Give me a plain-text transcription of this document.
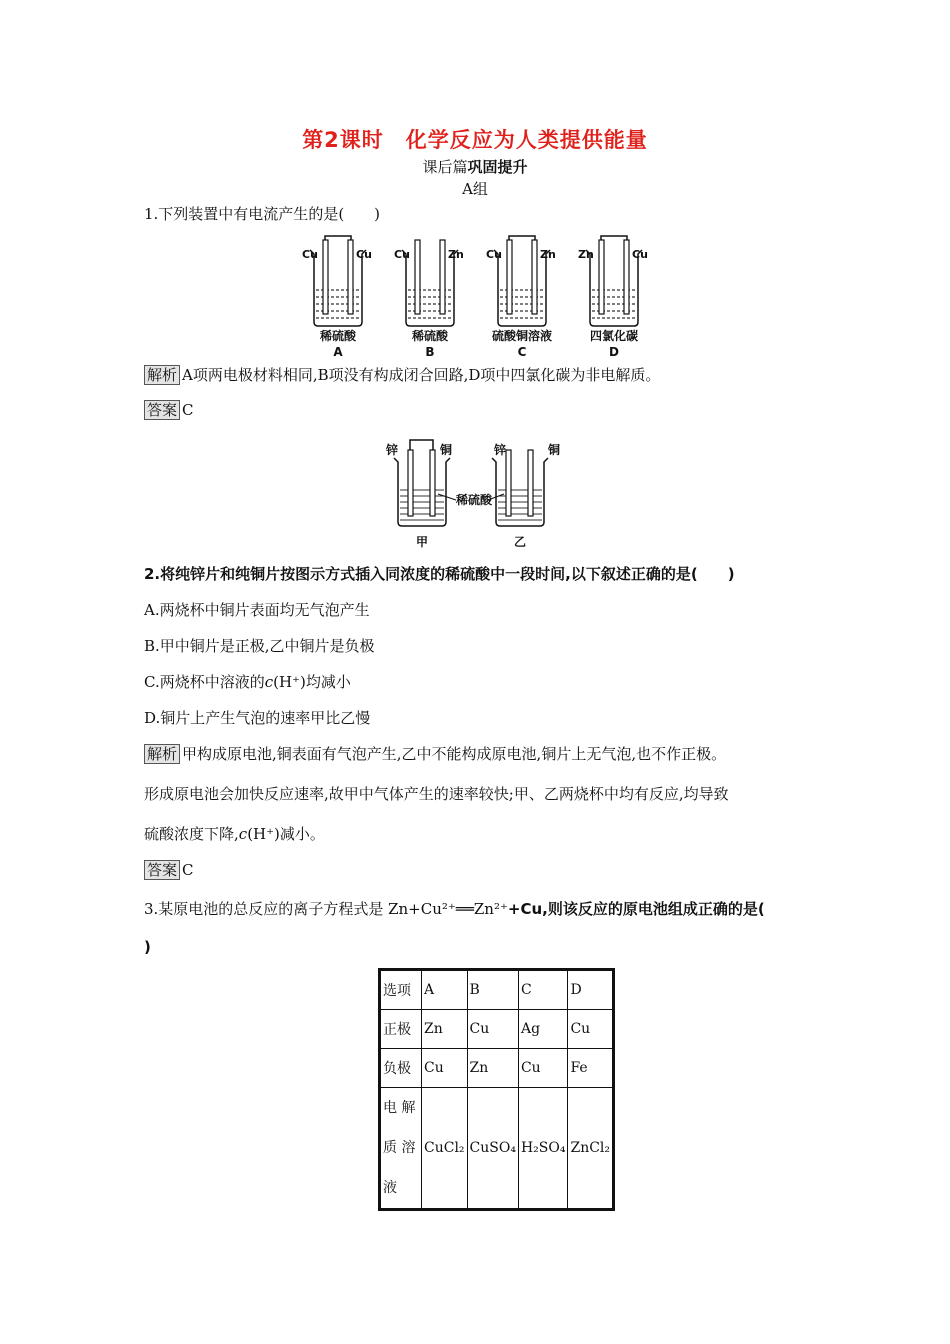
第2课时　化学反应为人类提供能量
课后篇巩固提升
A组
1.下列装置中有电流产生的是(　　)
Cu	Cu
稀硫酸
A
Cu	Zn
稀硫酸
B
Cu	Zn
硫酸铜溶液
C
Zn	Cu
四氯化碳
D
解析 A项两电极材料相同,B项没有构成闭合回路,D项中四氯化碳为非电解质。
答案 C
锌	铜	锌	铜
稀硫酸
甲	乙
2.将纯锌片和纯铜片按图示方式插入同浓度的稀硫酸中一段时间,以下叙述正确的是(　　)
A.两烧杯中铜片表面均无气泡产生
B.甲中铜片是正极,乙中铜片是负极
C.两烧杯中溶液的c(H⁺)均减小
D.铜片上产生气泡的速率甲比乙慢
解析 甲构成原电池,铜表面有气泡产生,乙中不能构成原电池,铜片上无气泡,也不作正极。
形成原电池会加快反应速率,故甲中气体产生的速率较快;甲、乙两烧杯中均有反应,均导致
硫酸浓度下降,c(H⁺)减小。
答案 C
3.某原电池的总反应的离子方程式是 Zn+Cu²⁺══Zn²⁺+Cu,则该反应的原电池组成正确的是(
)
选项	A	B	C	D
正极	Zn	Cu	Ag	Cu
负极	Cu	Zn	Cu	Fe
电 解质 溶液	CuCl₂	CuSO₄	H₂SO₄	ZnCl₂
